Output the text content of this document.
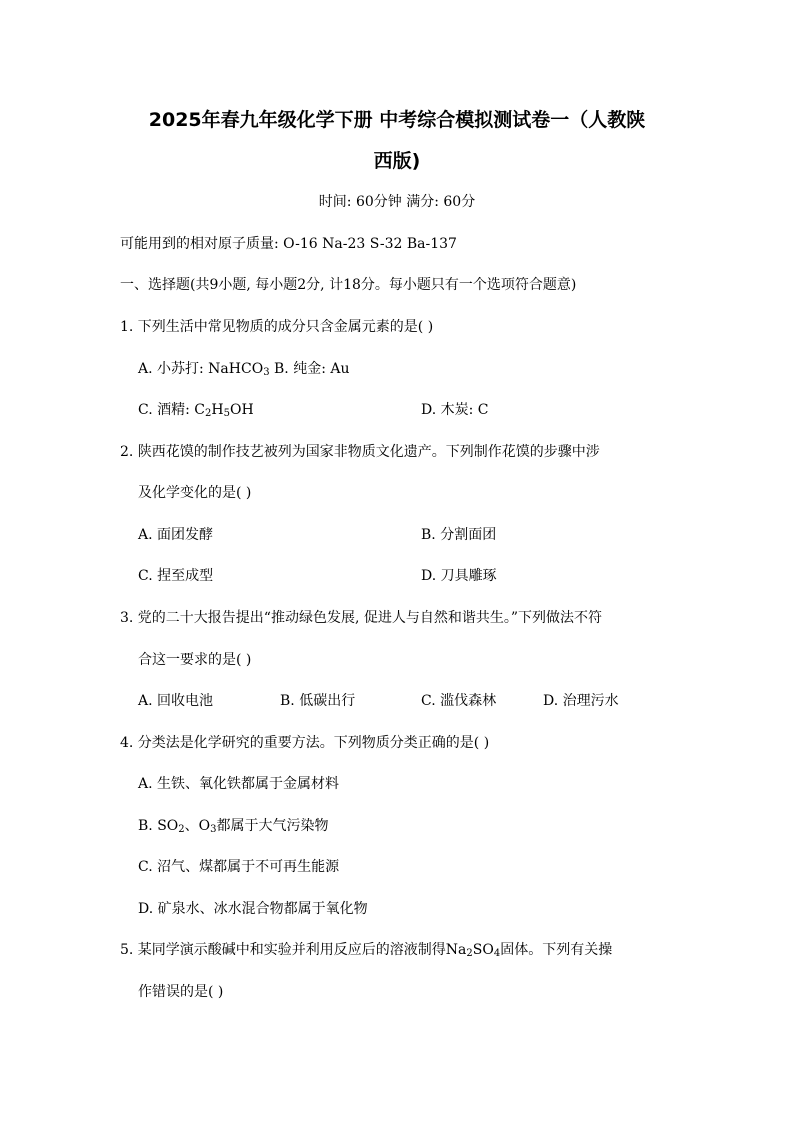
2025年春九年级化学下册 中考综合模拟测试卷一（人教陕
西版)
时间: 60分钟 满分: 60分
可能用到的相对原子质量: O-16 Na-23 S-32 Ba-137
一、选择题(共9小题, 每小题2分, 计18分。每小题只有一个选项符合题意)
1. 下列生活中常见物质的成分只含金属元素的是( )
A. 小苏打: NaHCO$_3$ B. 纯金: Au
C. 酒精: $C_2H_5OH$	D. 木炭: C
2. 陕西花馍的制作技艺被列为国家非物质文化遗产。下列制作花馍的步骤中涉
及化学变化的是( )
A. 面团发酵	B. 分割面团
C. 捏至成型	D. 刀具雕琢
3. 党的二十大报告提出“推动绿色发展, 促进人与自然和谐共生。”下列做法不符
合这一要求的是( )
A. 回收电池	B. 低碳出行	C. 滥伐森林	D. 治理污水
4. 分类法是化学研究的重要方法。下列物质分类正确的是( )
A. 生铁、氧化铁都属于金属材料
B. $SO_2$、$O_3$都属于大气污染物
C. 沼气、煤都属于不可再生能源
D. 矿泉水、冰水混合物都属于氧化物
5. 某同学演示酸碱中和实验并利用反应后的溶液制得$Na_2SO_4$固体。下列有关操
作错误的是( )
